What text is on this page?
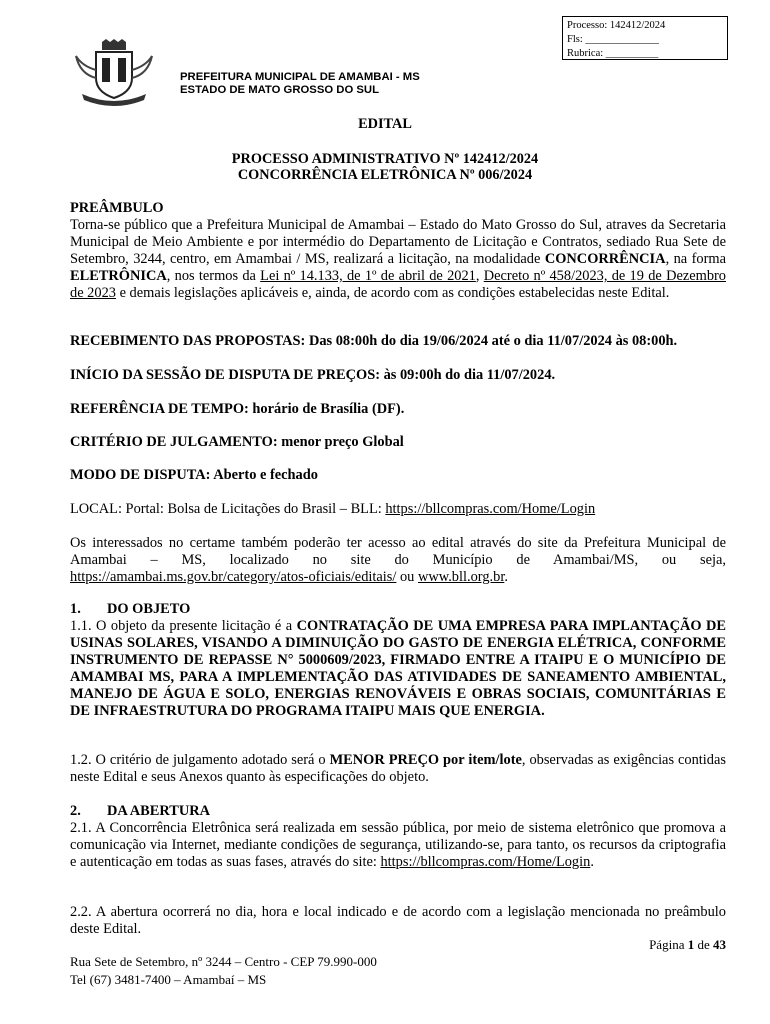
Processo: 142412/2024
Fls: ______________
Rubrica: __________
PREFEITURA MUNICIPAL DE AMAMBAI - MS
ESTADO DE MATO GROSSO DO SUL
EDITAL
PROCESSO ADMINISTRATIVO Nº 142412/2024
CONCORRÊNCIA ELETRÔNICA Nº 006/2024
PREÂMBULO
Torna-se público que a Prefeitura Municipal de Amambai – Estado do Mato Grosso do Sul, atraves da Secretaria Municipal de Meio Ambiente e por intermédio do Departamento de Licitação e Contratos, sediado Rua Sete de Setembro, 3244, centro, em Amambai / MS, realizará a licitação, na modalidade CONCORRÊNCIA, na forma ELETRÔNICA, nos termos da Lei nº 14.133, de 1º de abril de 2021, Decreto nº 458/2023, de 19 de Dezembro de 2023 e demais legislações aplicáveis e, ainda, de acordo com as condições estabelecidas neste Edital.
RECEBIMENTO DAS PROPOSTAS: Das 08:00h do dia 19/06/2024 até o dia 11/07/2024 às 08:00h.
INÍCIO DA SESSÃO DE DISPUTA DE PREÇOS: às 09:00h do dia 11/07/2024.
REFERÊNCIA DE TEMPO: horário de Brasília (DF).
CRITÉRIO DE JULGAMENTO: menor preço Global
MODO DE DISPUTA: Aberto e fechado
LOCAL: Portal: Bolsa de Licitações do Brasil – BLL: https://bllcompras.com/Home/Login
Os interessados no certame também poderão ter acesso ao edital através do site da Prefeitura Municipal de Amambai – MS, localizado no site do Município de Amambai/MS, ou seja, https://amambai.ms.gov.br/category/atos-oficiais/editais/ ou www.bll.org.br.
1. DO OBJETO
1.1. O objeto da presente licitação é a CONTRATAÇÃO DE UMA EMPRESA PARA IMPLANTAÇÃO DE USINAS SOLARES, VISANDO A DIMINUIÇÃO DO GASTO DE ENERGIA ELÉTRICA, CONFORME INSTRUMENTO DE REPASSE N° 5000609/2023, FIRMADO ENTRE A ITAIPU E O MUNICÍPIO DE AMAMBAI MS, PARA A IMPLEMENTAÇÃO DAS ATIVIDADES DE SANEAMENTO AMBIENTAL, MANEJO DE ÁGUA E SOLO, ENERGIAS RENOVÁVEIS E OBRAS SOCIAIS, COMUNITÁRIAS E DE INFRAESTRUTURA DO PROGRAMA ITAIPU MAIS QUE ENERGIA.
1.2. O critério de julgamento adotado será o MENOR PREÇO por item/lote, observadas as exigências contidas neste Edital e seus Anexos quanto às especificações do objeto.
2. DA ABERTURA
2.1. A Concorrência Eletrônica será realizada em sessão pública, por meio de sistema eletrônico que promova a comunicação via Internet, mediante condições de segurança, utilizando-se, para tanto, os recursos da criptografia e autenticação em todas as suas fases, através do site: https://bllcompras.com/Home/Login.
2.2. A abertura ocorrerá no dia, hora e local indicado e de acordo com a legislação mencionada no preâmbulo deste Edital.
Página 1 de 43
Rua Sete de Setembro, nº 3244 – Centro - CEP 79.990-000
Tel (67) 3481-7400 – Amambaí – MS
